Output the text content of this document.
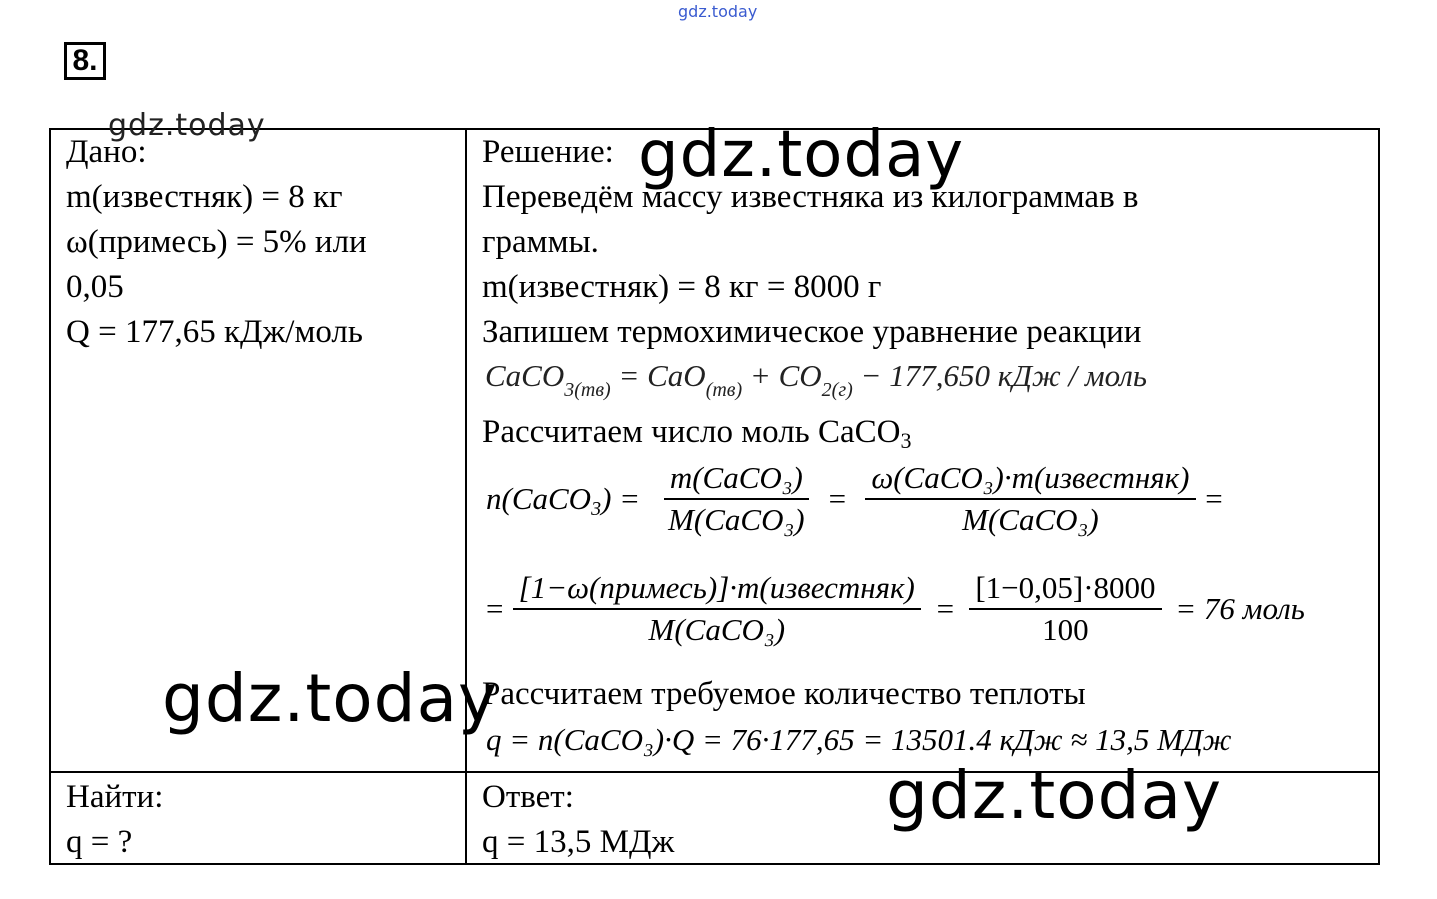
gdz.today
8.
Дано:
m(известняк) = 8 кг
ω(примесь) = 5% или
0,05
Q = 177,65 кДж/моль
Решение:
Переведём массу известняка из килограммав в
граммы.
m(известняк) = 8 кг = 8000 г
Запишем термохимическое уравнение реакции
CaCO$_{3(тв)}$ = $CaO_{(тв)} + CO_{2(г)} - 177,650$ кДж / моль
Рассчитаем число моль CaCO3
n(CaCO3) = $\frac{\text{m(CaCO₃)}}{\text{M(CaCO₃)}} = \frac{\text{ω(CaCO₃)·m(известняк)}}{\text{M(CaCO₃)}}$ =
= $\frac{\text{[1−ω(примесь)]·m(известняк)}}{\text{M(CaCO₃)}} = \frac{[1-0,05]\cdot 8000}{100} = 76$ моль
Рассчитаем требуемое количество теплоты
q = n(CaCO₃)·Q = 76·177,65 = 13501.4 кДж ≈ 13,5 МДж
Найти:
q = ?
Ответ:
q = 13,5 МДж
gdz.today	gdz.today
gdz.today
gdz.today
